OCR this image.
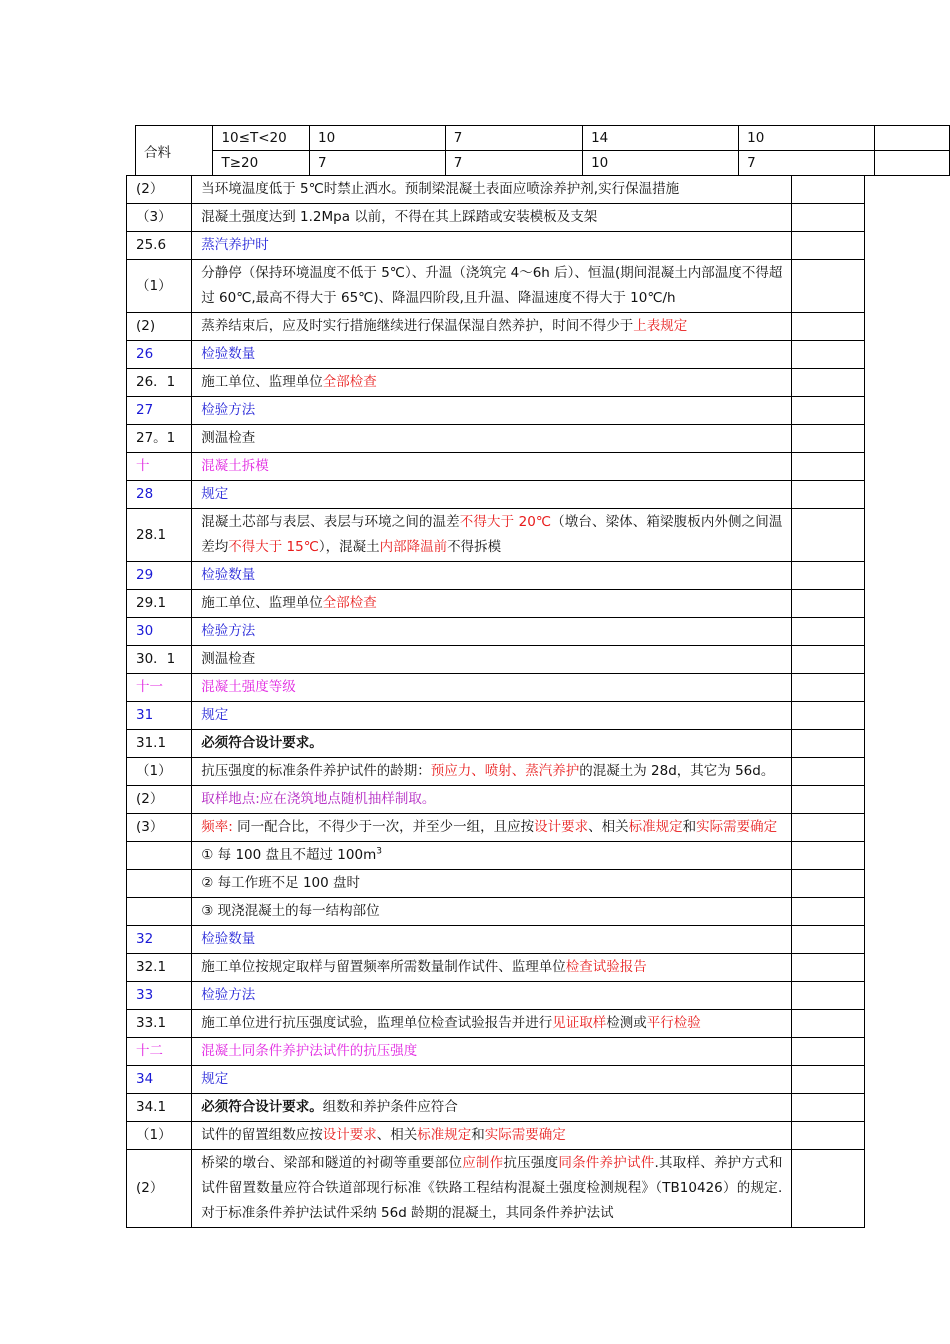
合料	10≤T<20	10	7	14	10	
	T≥20	7	7	10	7	
(2）	当环境温度低于 5℃时禁止洒水。预制梁混凝土表面应喷涂养护剂,实行保温措施	
（3）	混凝土强度达到 1.2Mpa 以前，不得在其上踩踏或安装模板及支架	
25.6	蒸汽养护时	
（1）	分静停（保持环境温度不低于 5℃）、升温（浇筑完 4～6h 后）、恒温(期间混凝土内部温度不得超过 60℃,最高不得大于 65℃)、降温四阶段,且升温、降温速度不得大于 10℃/h	
(2)	蒸养结束后，应及时实行措施继续进行保温保湿自然养护，时间不得少于上表规定	
26	检验数量	
26．1	施工单位、监理单位全部检查	
27	检验方法	
27。1	测温检查	
十	混凝土拆模	
28	规定	
28.1	混凝土芯部与表层、表层与环境之间的温差不得大于 20℃（墩台、梁体、箱梁腹板内外侧之间温差均不得大于 15℃），混凝土内部降温前不得拆模	
29	检验数量	
29.1	施工单位、监理单位全部检查	
30	检验方法	
30．1	测温检查	
十一	混凝土强度等级	
31	规定	
31.1	必须符合设计要求。	
（1）	抗压强度的标准条件养护试件的龄期：预应力、喷射、蒸汽养护的混凝土为 28d，其它为 56d。	
(2）	取样地点:应在浇筑地点随机抽样制取。	
(3）	频率: 同一配合比，不得少于一次，并至少一组，且应按设计要求、相关标准规定和实际需要确定	
	① 每 100 盘且不超过 $100m^3$	
	② 每工作班不足 100 盘时	
	③ 现浇混凝土的每一结构部位	
32	检验数量	
32.1	施工单位按规定取样与留置频率所需数量制作试件、监理单位检查试验报告	
33	检验方法	
33.1	施工单位进行抗压强度试验，监理单位检查试验报告并进行见证取样检测或平行检验	
十二	混凝土同条件养护法试件的抗压强度	
34	规定	
34.1	必须符合设计要求。组数和养护条件应符合	
（1）	试件的留置组数应按设计要求、相关标准规定和实际需要确定	
(2）	桥梁的墩台、梁部和隧道的衬砌等重要部位应制作抗压强度同条件养护试件.其取样、养护方式和试件留置数量应符合铁道部现行标准《铁路工程结构混凝土强度检测规程》（TB10426）的规定.对于标准条件养护法试件采纳 56d 龄期的混凝土，其同条件养护法试	
